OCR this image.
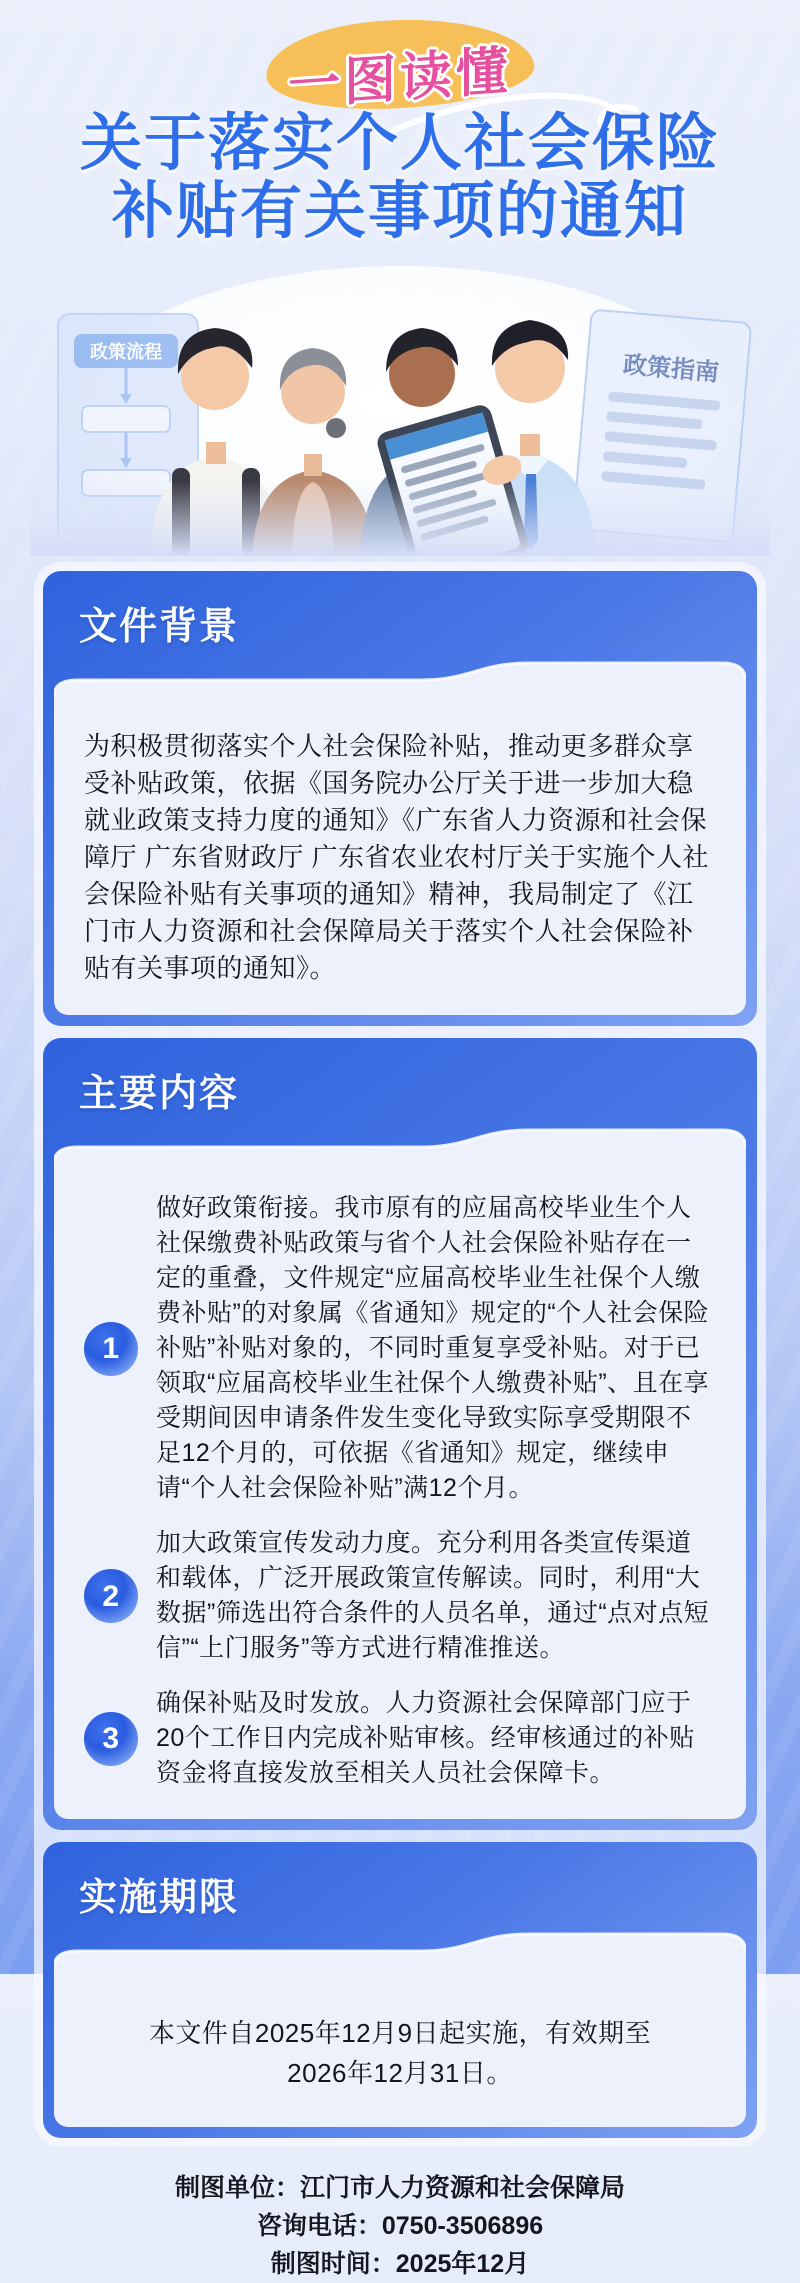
一图读懂
关于落实个人社会保险
补贴有关事项的通知
政策流程	政策指南
文件背景
为积极贯彻落实个人社会保险补贴，推动更多群众享受补贴政策，依据《国务院办公厅关于进一步加大稳就业政策支持力度的通知》《广东省人力资源和社会保障厅 广东省财政厅 广东省农业农村厅关于实施个人社会保险补贴有关事项的通知》精神，我局制定了《江门市人力资源和社会保障局关于落实个人社会保险补贴有关事项的通知》。
主要内容
1
做好政策衔接。我市原有的应届高校毕业生个人社保缴费补贴政策与省个人社会保险补贴存在一定的重叠，文件规定“应届高校毕业生社保个人缴费补贴”的对象属《省通知》规定的“个人社会保险补贴”补贴对象的，不同时重复享受补贴。对于已领取“应届高校毕业生社保个人缴费补贴”、且在享受期间因申请条件发生变化导致实际享受期限不足12个月的，可依据《省通知》规定，继续申请“个人社会保险补贴”满12个月。
2
加大政策宣传发动力度。充分利用各类宣传渠道和载体，广泛开展政策宣传解读。同时，利用“大数据”筛选出符合条件的人员名单，通过“点对点短信”“上门服务”等方式进行精准推送。
3
确保补贴及时发放。人力资源社会保障部门应于20个工作日内完成补贴审核。经审核通过的补贴资金将直接发放至相关人员社会保障卡。
实施期限
本文件自2025年12月9日起实施，有效期至2026年12月31日。
制图单位：江门市人力资源和社会保障局
咨询电话：0750-3506896
制图时间：2025年12月
